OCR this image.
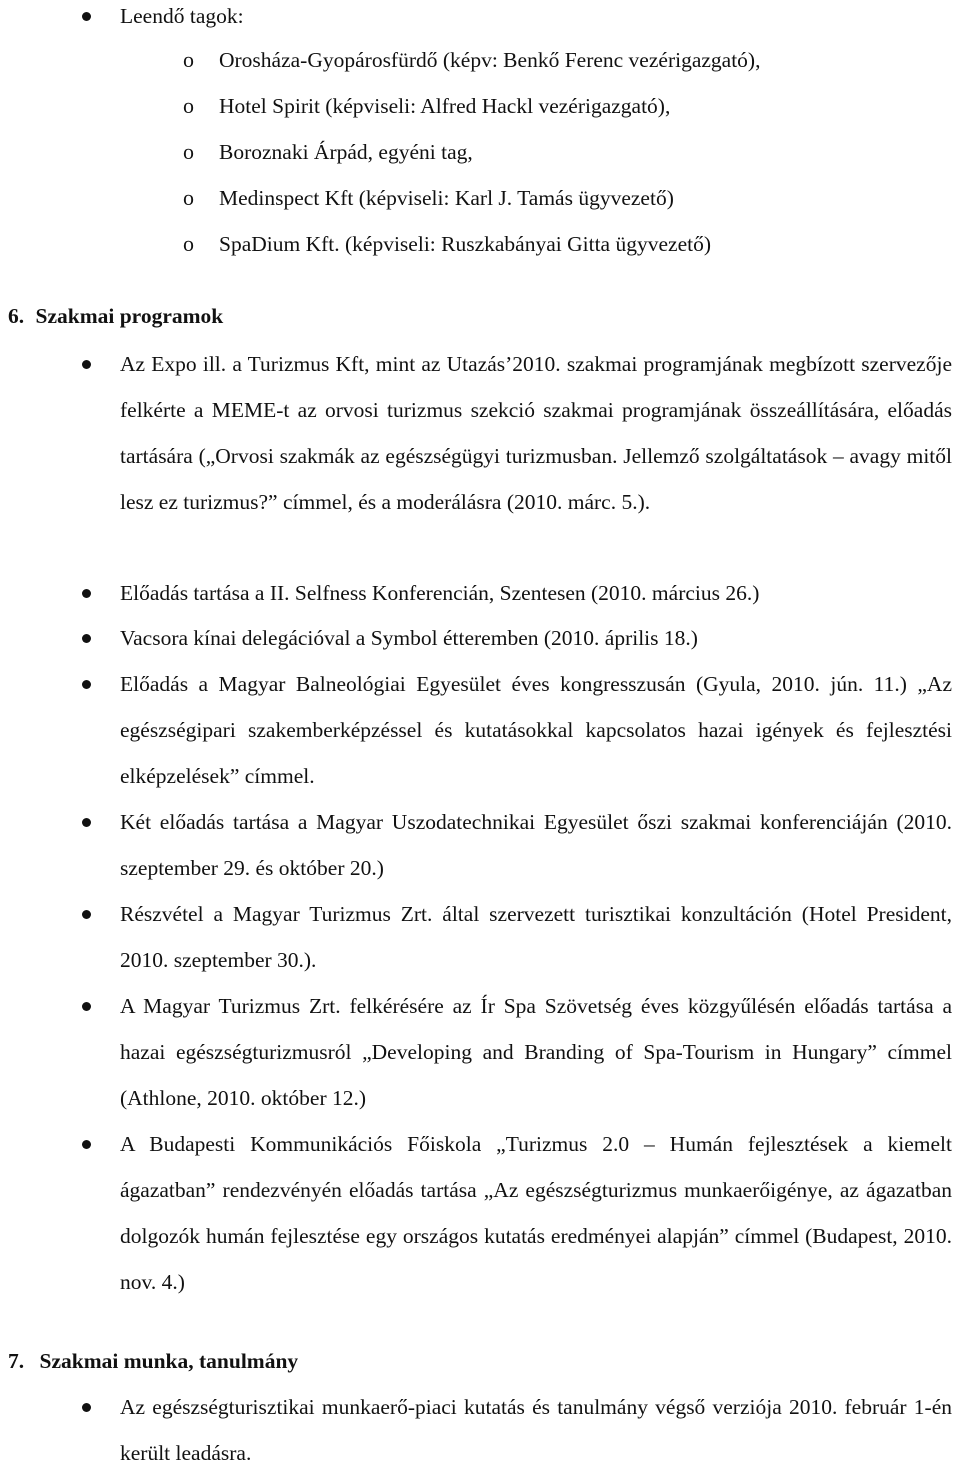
Leendő tagok:
o Orosháza-Gyopárosfürdő (képv: Benkő Ferenc vezérigazgató),
o Hotel Spirit (képviseli: Alfred Hackl vezérigazgató),
o Boroznaki Árpád, egyéni tag,
o Medinspect Kft (képviseli: Karl J. Tamás ügyvezető)
o SpaDium Kft. (képviseli: Ruszkabányai Gitta ügyvezető)
6. Szakmai programok
Az Expo ill. a Turizmus Kft, mint az Utazás’2010. szakmai programjának megbízott szervezője felkérte a MEME-t az orvosi turizmus szekció szakmai programjának összeállítására, előadás tartására („Orvosi szakmák az egészségügyi turizmusban. Jellemző szolgáltatások – avagy mitől lesz ez turizmus?” címmel, és a moderálásra (2010. márc. 5.).
Előadás tartása a II. Selfness Konferencián, Szentesen (2010. március 26.)
Vacsora kínai delegációval a Symbol étteremben (2010. április 18.)
Előadás a Magyar Balneológiai Egyesület éves kongresszusán (Gyula, 2010. jún. 11.) „Az egészségipari szakemberképzéssel és kutatásokkal kapcsolatos hazai igények és fejlesztési elképzelések” címmel.
Két előadás tartása a Magyar Uszodatechnikai Egyesület őszi szakmai konferenciáján (2010. szeptember 29. és október 20.)
Részvétel a Magyar Turizmus Zrt. által szervezett turisztikai konzultáción (Hotel President, 2010. szeptember 30.).
A Magyar Turizmus Zrt. felkérésére az Ír Spa Szövetség éves közgyűlésén előadás tartása a hazai egészségturizmusról „Developing and Branding of Spa-Tourism in Hungary” címmel (Athlone, 2010. október 12.)
A Budapesti Kommunikációs Főiskola „Turizmus 2.0 – Humán fejlesztések a kiemelt ágazatban” rendezvényén előadás tartása „Az egészségturizmus munkaerőigénye, az ágazatban dolgozók humán fejlesztése egy országos kutatás eredményei alapján” címmel (Budapest, 2010. nov. 4.)
7. Szakmai munka, tanulmány
Az egészségturisztikai munkaerő-piaci kutatás és tanulmány végső verziója 2010. február 1-én került leadásra.
